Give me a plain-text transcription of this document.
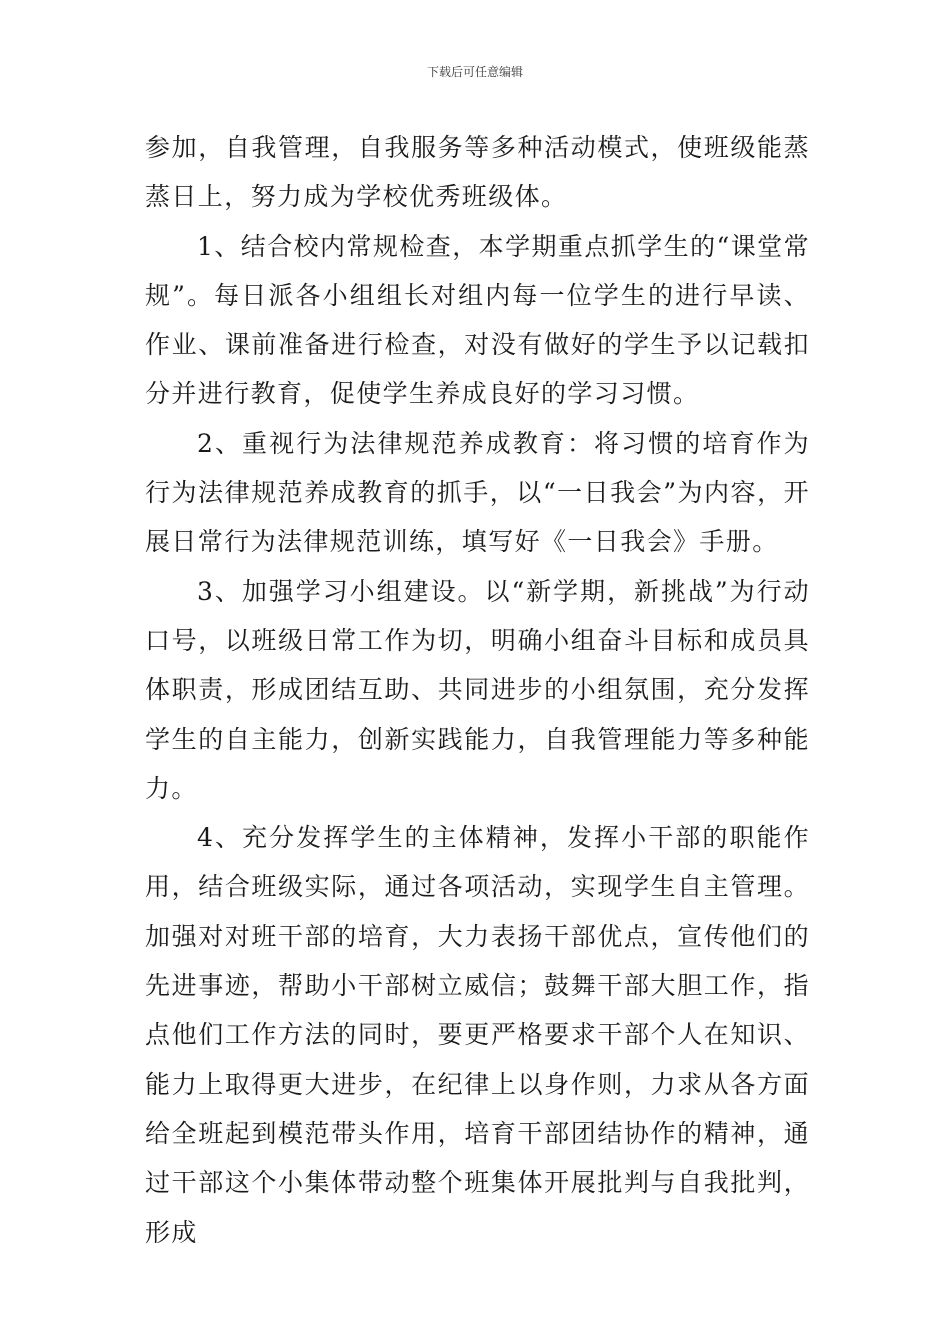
下载后可任意编辑

参加，自我管理，自我服务等多种活动模式，使班级能蒸蒸日上，努力成为学校优秀班级体。

1、结合校内常规检查，本学期重点抓学生的“课堂常规”。每日派各小组组长对组内每一位学生的进行早读、作业、课前准备进行检查，对没有做好的学生予以记载扣分并进行教育，促使学生养成良好的学习习惯。

2、重视行为法律规范养成教育：将习惯的培育作为行为法律规范养成教育的抓手，以“一日我会”为内容，开展日常行为法律规范训练，填写好《一日我会》手册。

3、加强学习小组建设。以“新学期，新挑战”为行动口号，以班级日常工作为切，明确小组奋斗目标和成员具体职责，形成团结互助、共同进步的小组氛围，充分发挥学生的自主能力，创新实践能力，自我管理能力等多种能力。

4、充分发挥学生的主体精神，发挥小干部的职能作用，结合班级实际，通过各项活动，实现学生自主管理。加强对对班干部的培育，大力表扬干部优点，宣传他们的先进事迹，帮助小干部树立威信；鼓舞干部大胆工作，指点他们工作方法的同时，要更严格要求干部个人在知识、能力上取得更大进步，在纪律上以身作则，力求从各方面给全班起到模范带头作用，培育干部团结协作的精神，通过干部这个小集体带动整个班集体开展批判与自我批判，形成
